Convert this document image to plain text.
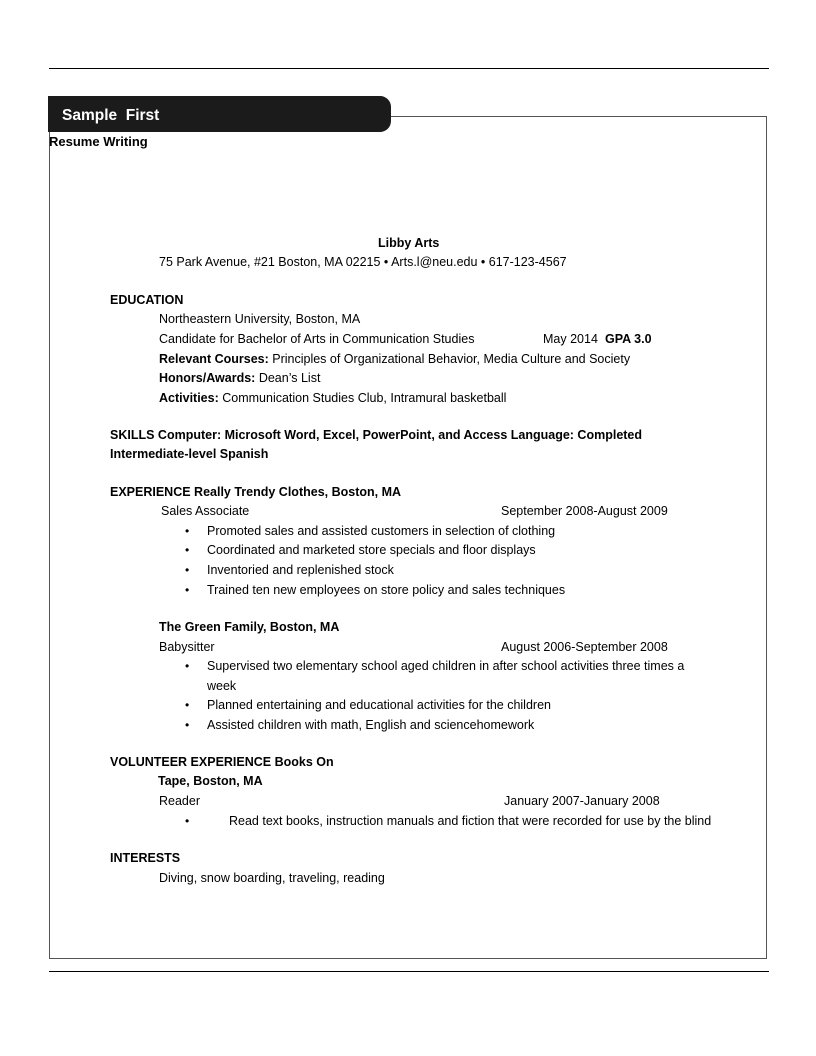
Sample  First
Resume Writing
Libby Arts
75 Park Avenue, #21 Boston, MA 02215 • Arts.l@neu.edu • 617-123-4567
EDUCATION
Northeastern University, Boston, MA
Candidate for Bachelor of Arts in Communication Studies	May 2014 GPA 3.0
Relevant Courses: Principles of Organizational Behavior, Media Culture and Society
Honors/Awards: Dean’s List
Activities: Communication Studies Club, Intramural basketball
SKILLS Computer: Microsoft Word, Excel, PowerPoint, and Access Language: Completed
Intermediate-level Spanish
EXPERIENCE Really Trendy Clothes, Boston, MA
Sales Associate	September 2008-August 2009
• Promoted sales and assisted customers in selection of clothing
• Coordinated and marketed store specials and floor displays
• Inventoried and replenished stock
• Trained ten new employees on store policy and sales techniques
The Green Family, Boston, MA
Babysitter	August 2006-September 2008
• Supervised two elementary school aged children in after school activities three times a
week
• Planned entertaining and educational activities for the children
• Assisted children with math, English and sciencehomework
VOLUNTEER EXPERIENCE Books On
Tape, Boston, MA
Reader	January 2007-January 2008
•	Read text books, instruction manuals and fiction that were recorded for use by the blind
INTERESTS
Diving, snow boarding, traveling, reading
